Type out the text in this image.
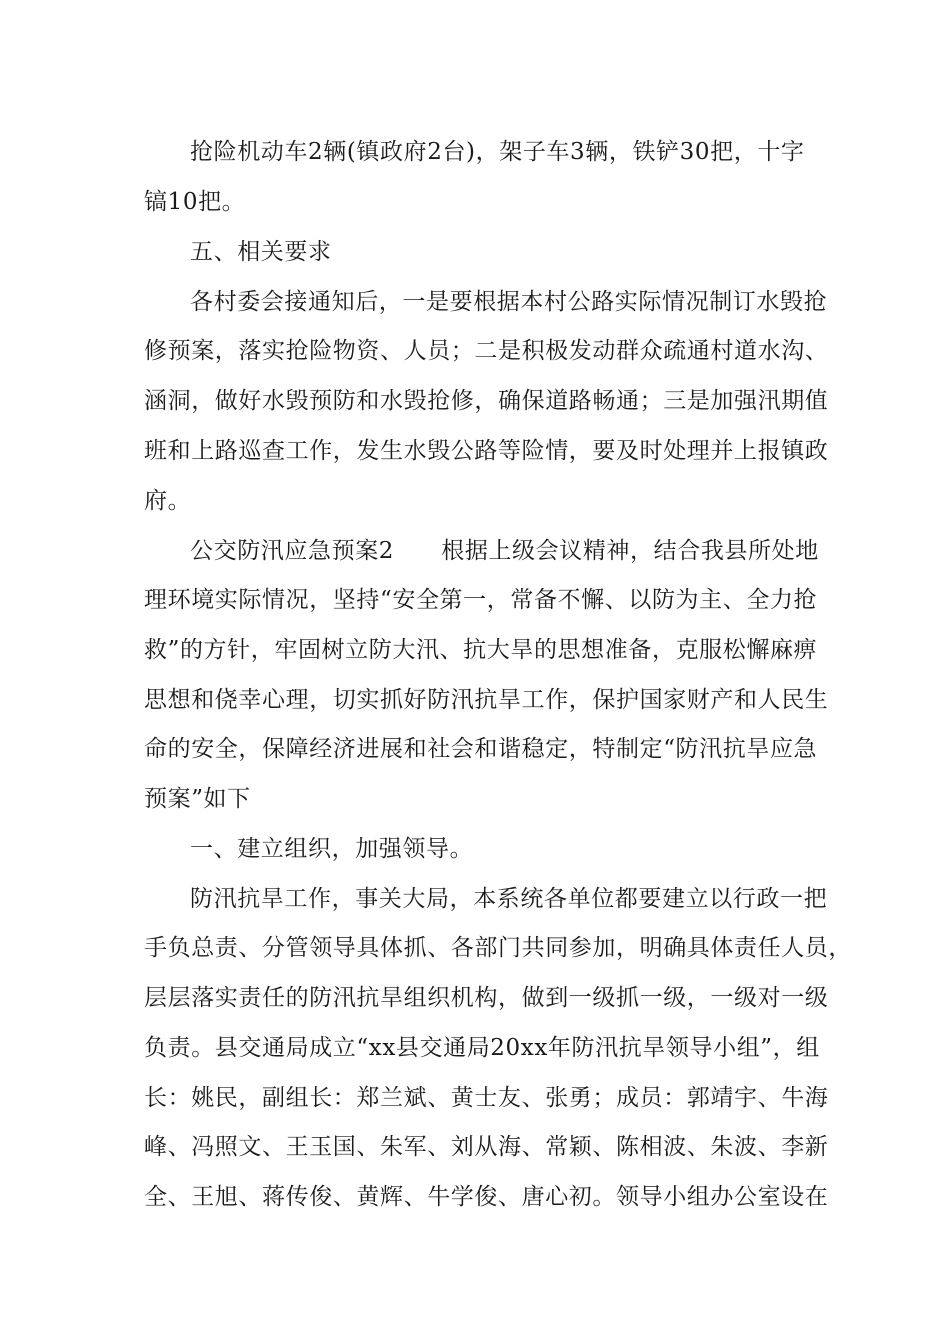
抢险机动车2辆(镇政府2台)，架子车3辆，铁铲30把，十字
镐10把。
五、相关要求
各村委会接通知后，一是要根据本村公路实际情况制订水毁抢
修预案，落实抢险物资、人员；二是积极发动群众疏通村道水沟、
涵洞，做好水毁预防和水毁抢修，确保道路畅通；三是加强汛期值
班和上路巡查工作，发生水毁公路等险情，要及时处理并上报镇政
府。
公交防汛应急预案2　　根据上级会议精神，结合我县所处地
理环境实际情况，坚持“安全第一，常备不懈、以防为主、全力抢
救”的方针，牢固树立防大汛、抗大旱的思想准备，克服松懈麻痹
思想和侥幸心理，切实抓好防汛抗旱工作，保护国家财产和人民生
命的安全，保障经济进展和社会和谐稳定，特制定“防汛抗旱应急
预案”如下
一、建立组织，加强领导。
防汛抗旱工作，事关大局，本系统各单位都要建立以行政一把
手负总责、分管领导具体抓、各部门共同参加，明确具体责任人员，
层层落实责任的防汛抗旱组织机构，做到一级抓一级，一级对一级
负责。县交通局成立“xx县交通局20xx年防汛抗旱领导小组”，组
长：姚民，副组长：郑兰斌、黄士友、张勇；成员：郭靖宇、牛海
峰、冯照文、王玉国、朱军、刘从海、常颖、陈相波、朱波、李新
全、王旭、蒋传俊、黄辉、牛学俊、唐心初。领导小组办公室设在
